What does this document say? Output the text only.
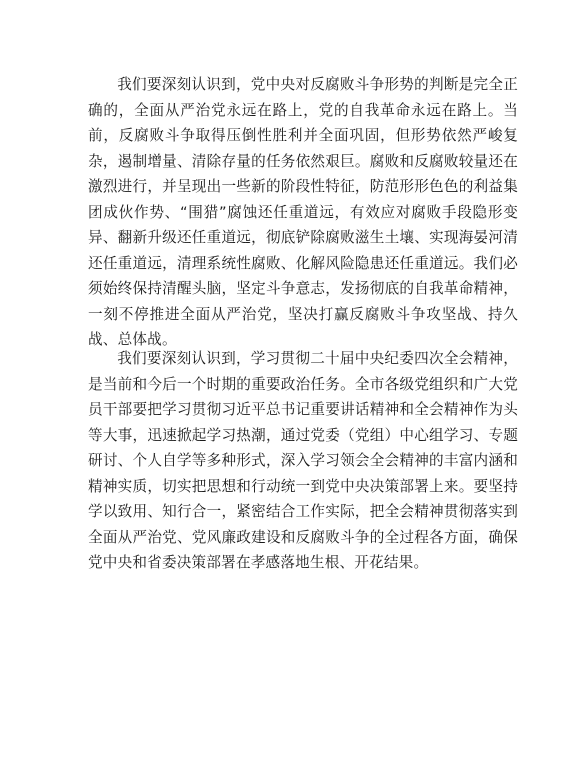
我们要深刻认识到，党中央对反腐败斗争形势的判断是完全正确的，全面从严治党永远在路上，党的自我革命永远在路上。当前，反腐败斗争取得压倒性胜利并全面巩固，但形势依然严峻复杂，遏制增量、清除存量的任务依然艰巨。腐败和反腐败较量还在激烈进行，并呈现出一些新的阶段性特征，防范形形色色的利益集团成伙作势、“围猎”腐蚀还任重道远，有效应对腐败手段隐形变异、翻新升级还任重道远，彻底铲除腐败滋生土壤、实现海晏河清还任重道远，清理系统性腐败、化解风险隐患还任重道远。我们必须始终保持清醒头脑，坚定斗争意志，发扬彻底的自我革命精神，一刻不停推进全面从严治党，坚决打赢反腐败斗争攻坚战、持久战、总体战。

我们要深刻认识到，学习贯彻二十届中央纪委四次全会精神，是当前和今后一个时期的重要政治任务。全市各级党组织和广大党员干部要把学习贯彻习近平总书记重要讲话精神和全会精神作为头等大事，迅速掀起学习热潮，通过党委（党组）中心组学习、专题研讨、个人自学等多种形式，深入学习领会全会精神的丰富内涵和精神实质，切实把思想和行动统一到党中央决策部署上来。要坚持学以致用、知行合一，紧密结合工作实际，把全会精神贯彻落实到全面从严治党、党风廉政建设和反腐败斗争的全过程各方面，确保党中央和省委决策部署在孝感落地生根、开花结果。
